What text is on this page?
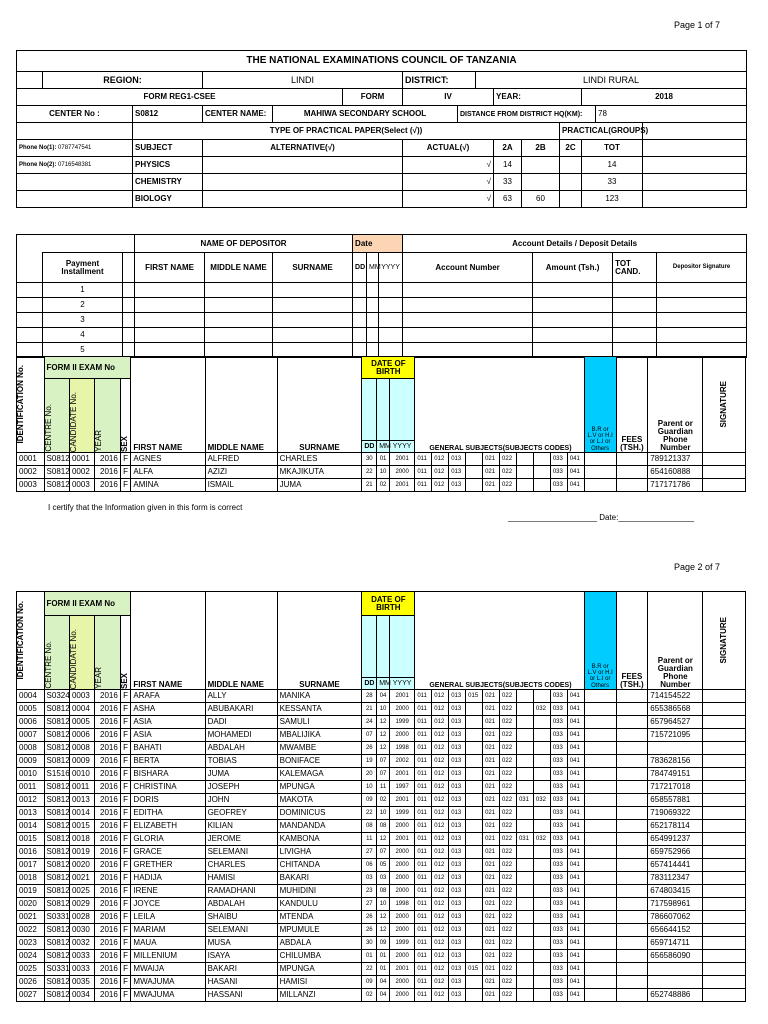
Page 1 of 7
THE NATIONAL EXAMINATIONS COUNCIL OF TANZANIA														
	REGION:		LINDI			DISTRICT:		LINDI RURAL						
FORM REG1-CSEE					FORM	IV			YEAR:			2018		
CENTER No :		S0812	CENTER NAME:	MAHIWA SECONDARY SCHOOL			DISTANCE FROM DISTRICT HQ(KM):						78	
		TYPE OF PRACTICAL PAPER(Select (√))									PRACTICAL(GROUPS)			
Phone No(1): 0787747541		SUBJECT	ALTERNATIVE(√)			ACTUAL(√)			2A	2B	2C	TOT		
Phone No(2): 0716548381		PHYSICS				√			14			14		
		CHEMISTRY				√			33			33		
		BIOLOGY				√			63	60		123		
			NAME OF DEPOSITOR			Date			Account Details / Deposit Details			
	Payment Installment		FIRST NAME	MIDDLE NAME	SURNAME	DD	MM	YYYY	Account Number	Amount (Tsh.)	TOT CAND.	Depositor Signature
	1											
	2											
	3											
	4											
	5											
IDENTIFICATION No.	FORM II EXAM No				FIRST NAME	MIDDLE NAME	SURNAME	DATE OF BIRTH			GENERAL SUBJECTS(SUBJECTS CODES)										B.R or L.V or H.I or L.I or Others	FEES (TSH.)	Parent or Guardian Phone Number	SIGNATURE

	CENTRE No.	CANDIDATE No.	YEAR	SEX																				

								DD	MM	YYYY														
0001	S0812	0001	2016	F	AGNES	ALFRED	CHARLES	30	01	2001	011	012	013		021	022			033	041			789121337	
0002	S0812	0002	2016	F	ALFA	AZIZI	MKAJIKUTA	22	10	2000	011	012	013		021	022			033	041			654160888	
0003	S0812	0003	2016	F	AMINA	ISMAIL	JUMA	21	02	2001	011	012	013		021	022			033	041			717171786	
I certify that the Information given in this form is correct
____________________ Date:_________________
Page 2 of 7
IDENTIFICATION No.	FORM II EXAM No				FIRST NAME	MIDDLE NAME	SURNAME	DATE OF BIRTH			GENERAL SUBJECTS(SUBJECTS CODES)										B.R or L.V or H.I or L.I or Others	FEES (TSH.)	Parent or Guardian Phone Number	SIGNATURE

	CENTRE No.	CANDIDATE No.	YEAR	SEX																				

								DD	MM	YYYY														
0004	S0324	0003	2016	F	ARAFA	ALLY	MANIKA	28	04	2001	011	012	013	015	021	022			033	041			714154522	
0005	S0812	0004	2016	F	ASHA	ABUBAKARI	KESSANTA	21	10	2000	011	012	013		021	022		032	033	041			655386568	
0006	S0812	0005	2016	F	ASIA	DADI	SAMULI	24	12	1999	011	012	013		021	022			033	041			657964527	
0007	S0812	0006	2016	F	ASIA	MOHAMEDI	MBALIJIKA	07	12	2000	011	012	013		021	022			033	041			715721095	
0008	S0812	0008	2016	F	BAHATI	ABDALAH	MWAMBE	26	12	1998	011	012	013		021	022			033	041				
0009	S0812	0009	2016	F	BERTA	TOBIAS	BONIFACE	19	07	2002	011	012	013		021	022			033	041			783628156	
0010	S1516	0010	2016	F	BISHARA	JUMA	KALEMAGA	20	07	2001	011	012	013		021	022			033	041			784749151	
0011	S0812	0011	2016	F	CHRISTINA	JOSEPH	MPUNGA	10	11	1997	011	012	013		021	022			033	041			717217018	
0012	S0812	0013	2016	F	DORIS	JOHN	MAKOTA	09	02	2001	011	012	013		021	022	031	032	033	041			658557881	
0013	S0812	0014	2016	F	EDITHA	GEOFREY	DOMINICUS	22	10	1999	011	012	013		021	022			033	041			719069322	
0014	S0812	0015	2016	F	ELIZABETH	KILIAN	MANDANDA	08	08	2000	011	012	013		021	022			033	041			652178114	
0015	S0812	0018	2016	F	GLORIA	JEROME	KAMBONA	11	12	2001	011	012	013		021	022	031	032	033	041			654991237	
0016	S0812	0019	2016	F	GRACE	SELEMANI	LIVIGHA	27	07	2000	011	012	013		021	022			033	041			659752966	
0017	S0812	0020	2016	F	GRETHER	CHARLES	CHITANDA	06	05	2000	011	012	013		021	022			033	041			657414441	
0018	S0812	0021	2016	F	HADIJA	HAMISI	BAKARI	03	03	2000	011	012	013		021	022			033	041			783112347	
0019	S0812	0025	2016	F	IRENE	RAMADHANI	MUHIDINI	23	08	2000	011	012	013		021	022			033	041			674803415	
0020	S0812	0029	2016	F	JOYCE	ABDALAH	KANDULU	27	10	1998	011	012	013		021	022			033	041			717598961	
0021	S0331	0028	2016	F	LEILA	SHAIBU	MTENDA	26	12	2000	011	012	013		021	022			033	041			786607062	
0022	S0812	0030	2016	F	MARIAM	SELEMANI	MPUMULE	26	12	2000	011	012	013		021	022			033	041			656644152	
0023	S0812	0032	2016	F	MAUA	MUSA	ABDALA	30	09	1999	011	012	013		021	022			033	041			659714711	
0024	S0812	0033	2016	F	MILLENIUM	ISAYA	CHILUMBA	01	01	2000	011	012	013		021	022			033	041			656586090	
0025	S0331	0033	2016	F	MWAIJA	BAKARI	MPUNGA	22	01	2001	011	012	013	015	021	022			033	041				
0026	S0812	0035	2016	F	MWAJUMA	HASANI	HAMISI	09	04	2000	011	012	013		021	022			033	041				
0027	S0812	0034	2016	F	MWAJUMA	HASSANI	MILLANZI	02	04	2000	011	012	013		021	022			033	041			652748886	
